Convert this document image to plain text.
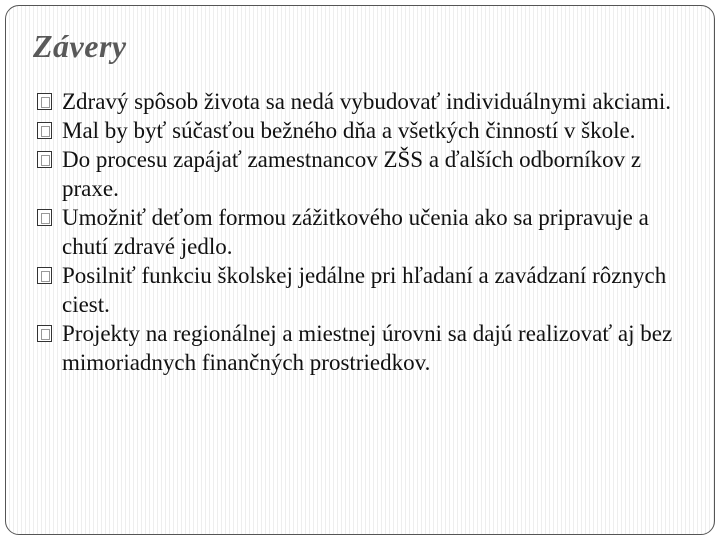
Závery
Zdravý spôsob života sa nedá vybudovať individuálnymi akciami.
Mal by byť súčasťou bežného dňa a všetkých činností v škole.
Do procesu zapájať zamestnancov ZŠS a ďalších odborníkov z praxe.
Umožniť deťom formou zážitkového učenia ako sa pripravuje a chutí zdravé jedlo.
Posilniť funkciu školskej jedálne pri hľadaní a zavádzaní rôznych ciest.
Projekty na regionálnej a miestnej úrovni sa dajú realizovať aj bez mimoriadnych finančných prostriedkov.
